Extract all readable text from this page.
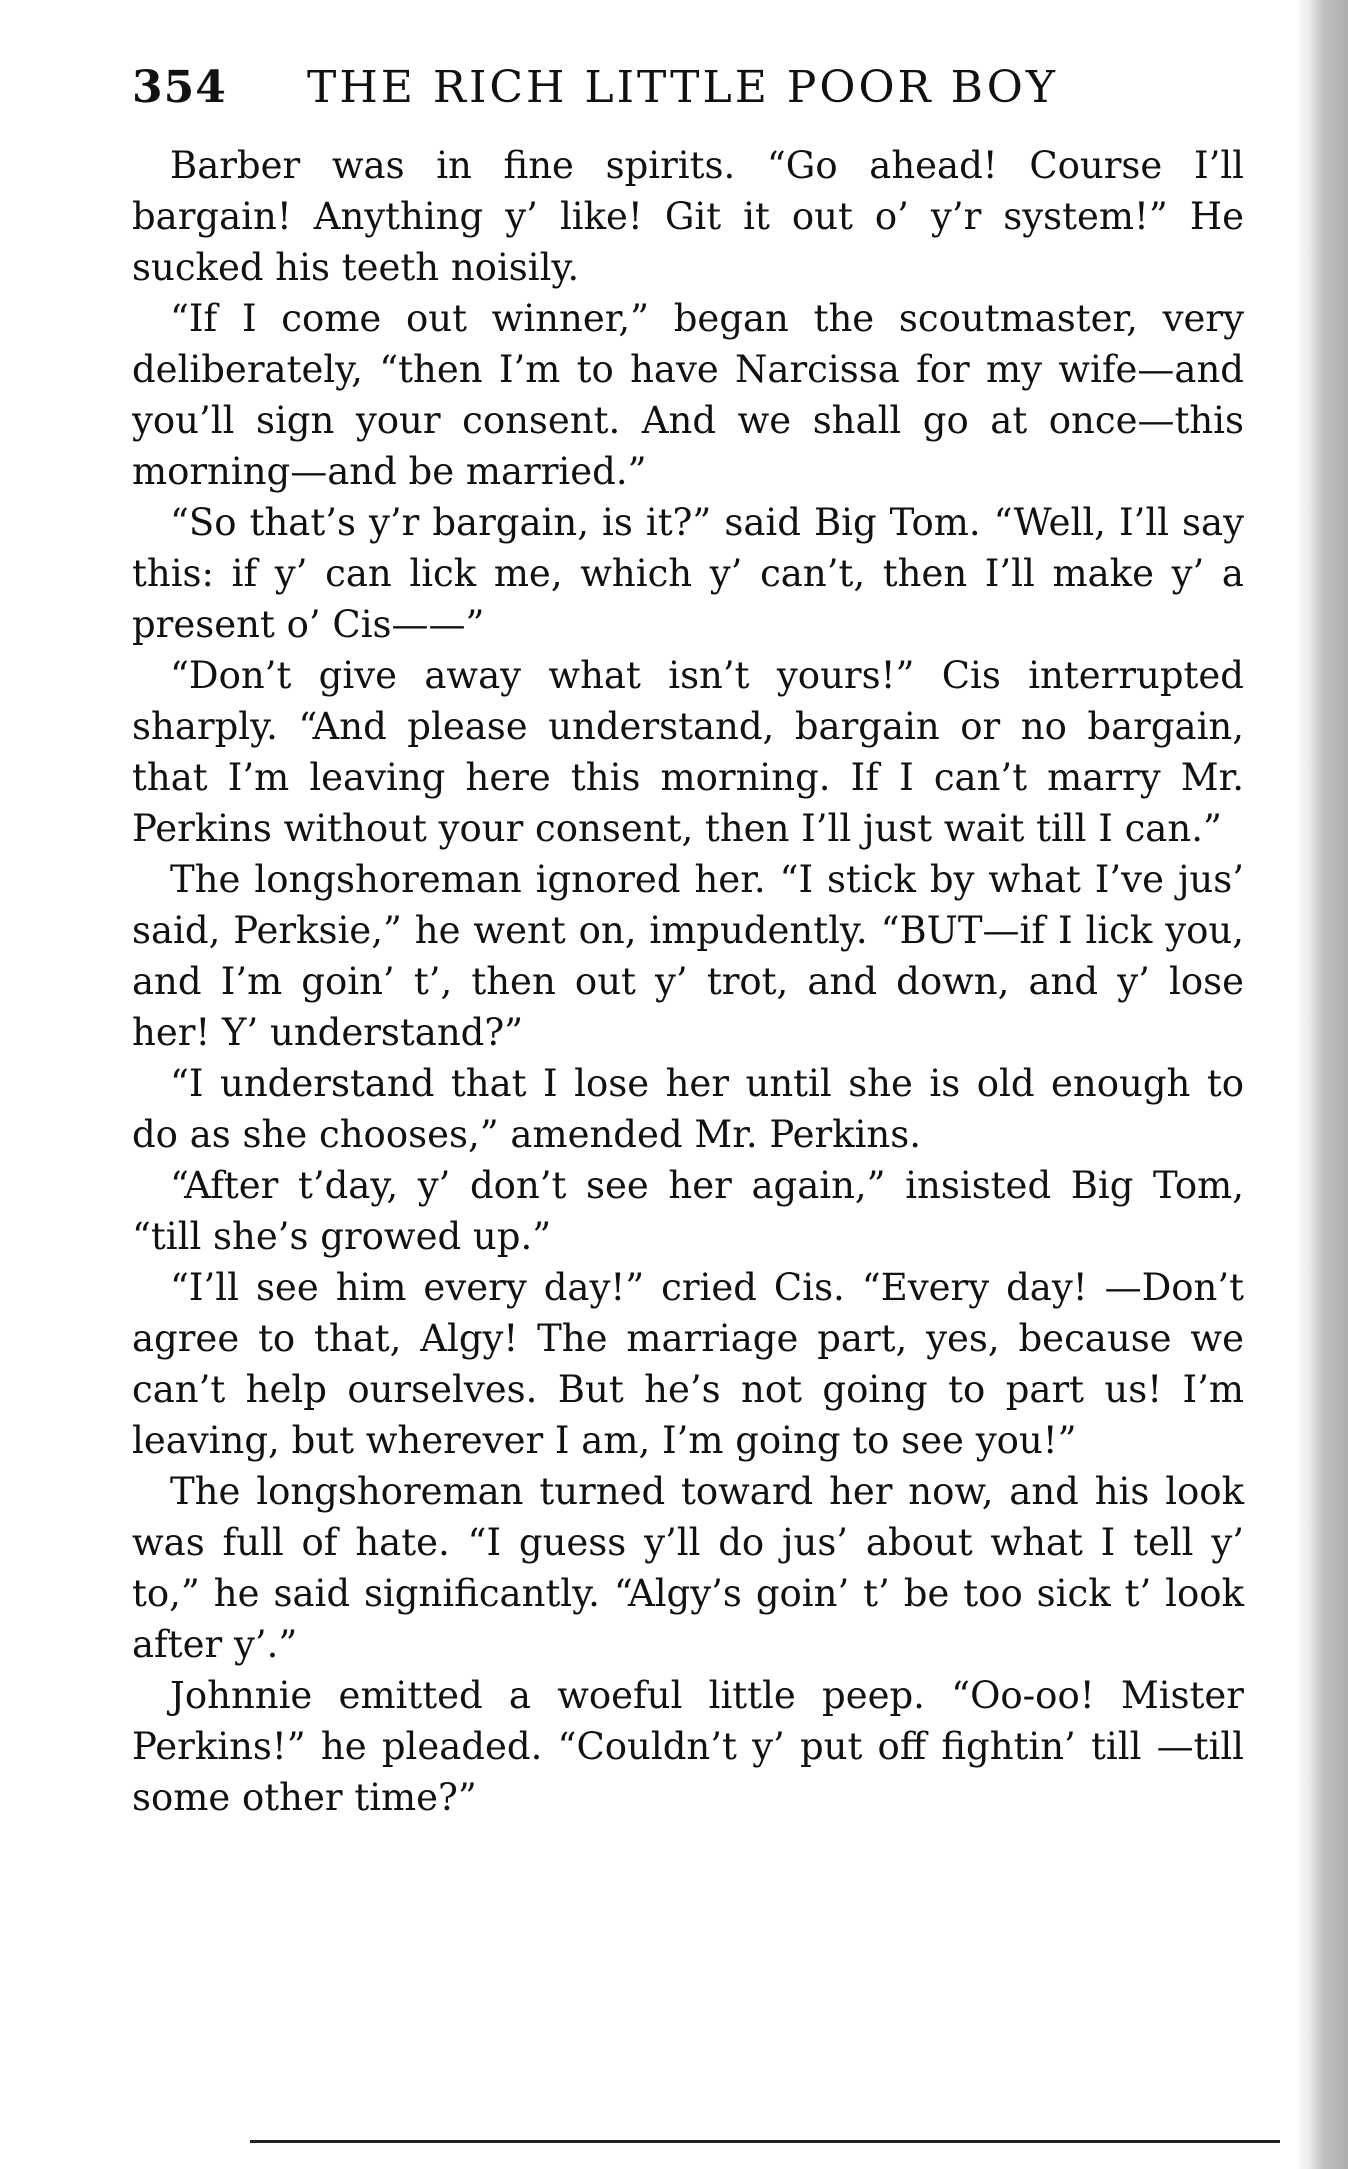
354 THE RICH LITTLE POOR BOY

Barber was in fine spirits. “Go ahead! Course I’ll bargain! Anything y’ like! Git it out o’ y’r system!” He sucked his teeth noisily.

“If I come out winner,” began the scoutmaster, very deliberately, “then I’m to have Narcissa for my wife—and you’ll sign your consent. And we shall go at once—this morning—and be married.”

“So that’s y’r bargain, is it?” said Big Tom. “Well, I’ll say this: if y’ can lick me, which y’ can’t, then I’ll make y’ a present o’ Cis——”

“Don’t give away what isn’t yours!” Cis interrupted sharply. “And please understand, bargain or no bargain, that I’m leaving here this morning. If I can’t marry Mr. Perkins without your consent, then I’ll just wait till I can.”

The longshoreman ignored her. “I stick by what I’ve jus’ said, Perksie,” he went on, impudently. “BUT—if I lick you, and I’m goin’ t’, then out y’ trot, and down, and y’ lose her! Y’ understand?”

“I understand that I lose her until she is old enough to do as she chooses,” amended Mr. Perkins.

“After t’day, y’ don’t see her again,” insisted Big Tom, “till she’s growed up.”

“I’ll see him every day!” cried Cis. “Every day! —Don’t agree to that, Algy! The marriage part, yes, because we can’t help ourselves. But he’s not going to part us! I’m leaving, but wherever I am, I’m going to see you!”

The longshoreman turned toward her now, and his look was full of hate. “I guess y’ll do jus’ about what I tell y’ to,” he said significantly. “Algy’s goin’ t’ be too sick t’ look after y’.”

Johnnie emitted a woeful little peep. “Oo-oo! Mister Perkins!” he pleaded. “Couldn’t y’ put off fightin’ till —till some other time?”
